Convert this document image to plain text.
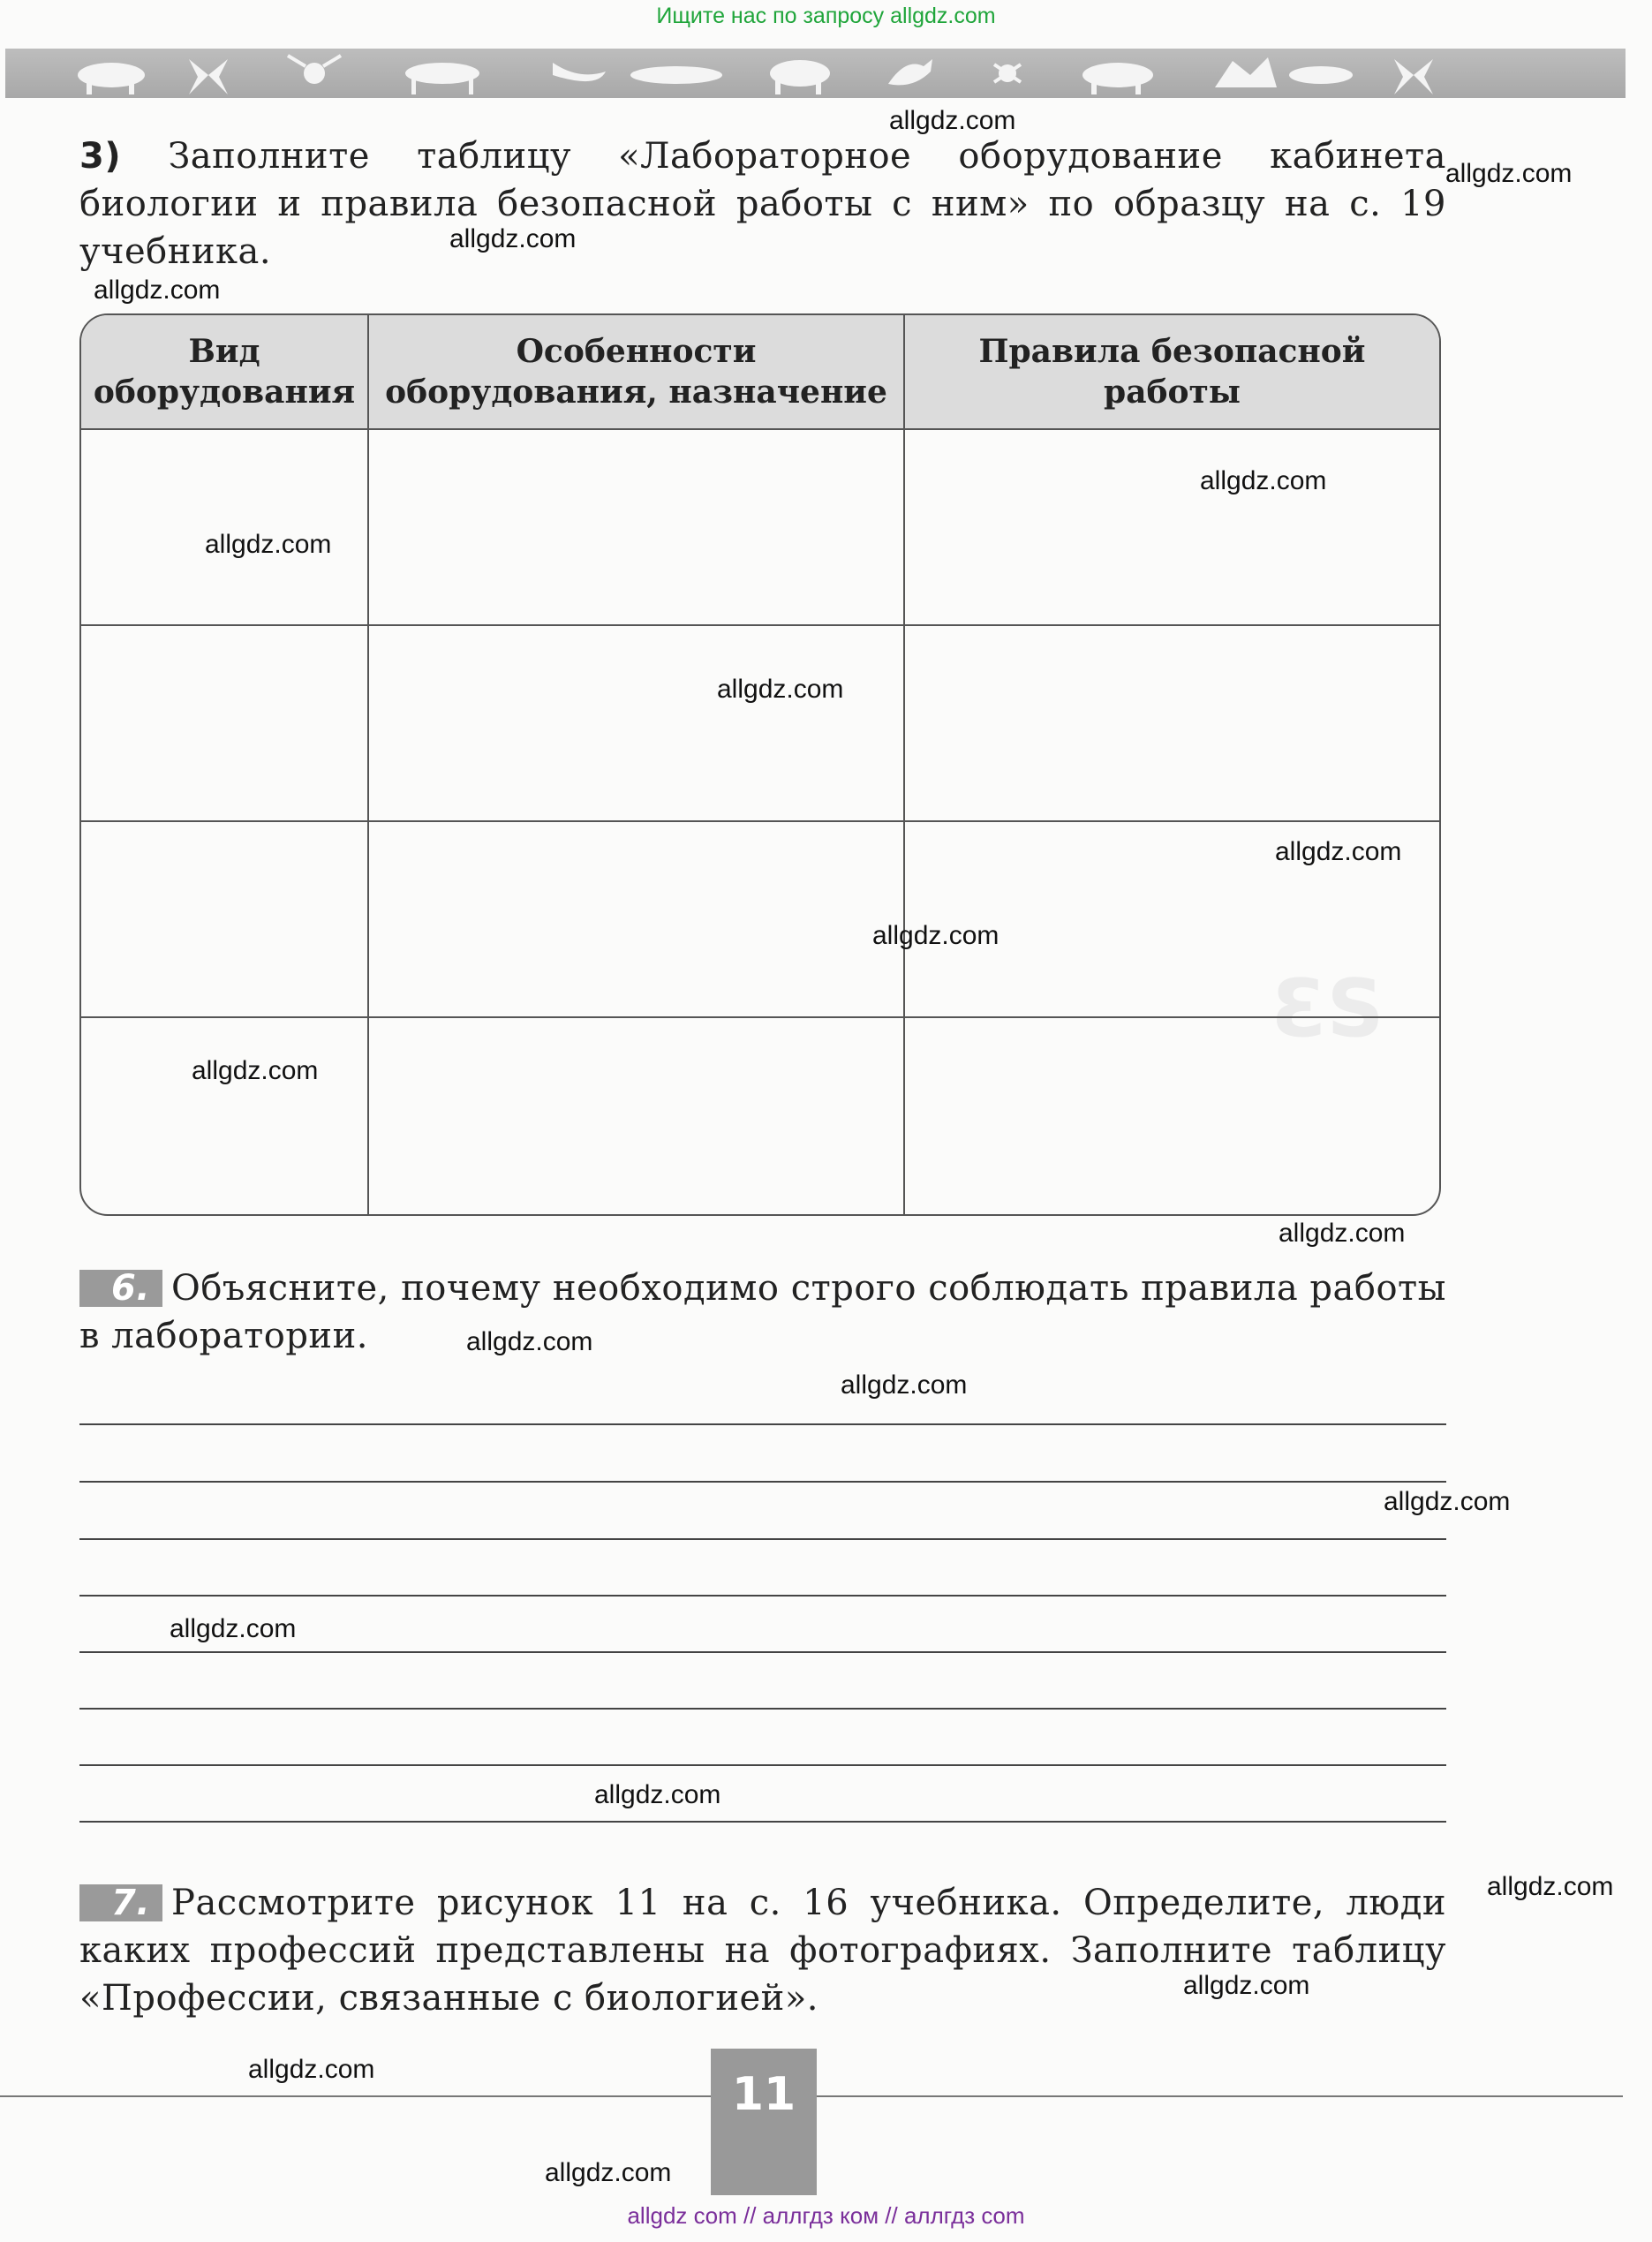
Ищите нас по запросу allgdz.com
ƐS
3) Заполните таблицу «Лабораторное оборудование кабинета биологии и правила безопасной работы с ним» по образцу на с. 19 учебника.
Вид оборудования
Особенности оборудования, назначение
Правила безопасной работы
6. Объясните, почему необходимо строго соблюдать правила работы в лаборатории.
7. Рассмотрите рисунок 11 на с. 16 учебника. Определите, люди каких профессий представлены на фотографиях. Заполните таблицу «Профессии, связанные с биологией».
11
allgdz.com
allgdz.com
allgdz.com
allgdz.com
allgdz.com
allgdz.com
allgdz.com
allgdz.com
allgdz.com
allgdz.com
allgdz.com
allgdz.com
allgdz.com
allgdz.com
allgdz.com
allgdz.com
allgdz.com
allgdz.com
allgdz.com
allgdz.com
allgdz com // аллгдз ком // аллгдз com
